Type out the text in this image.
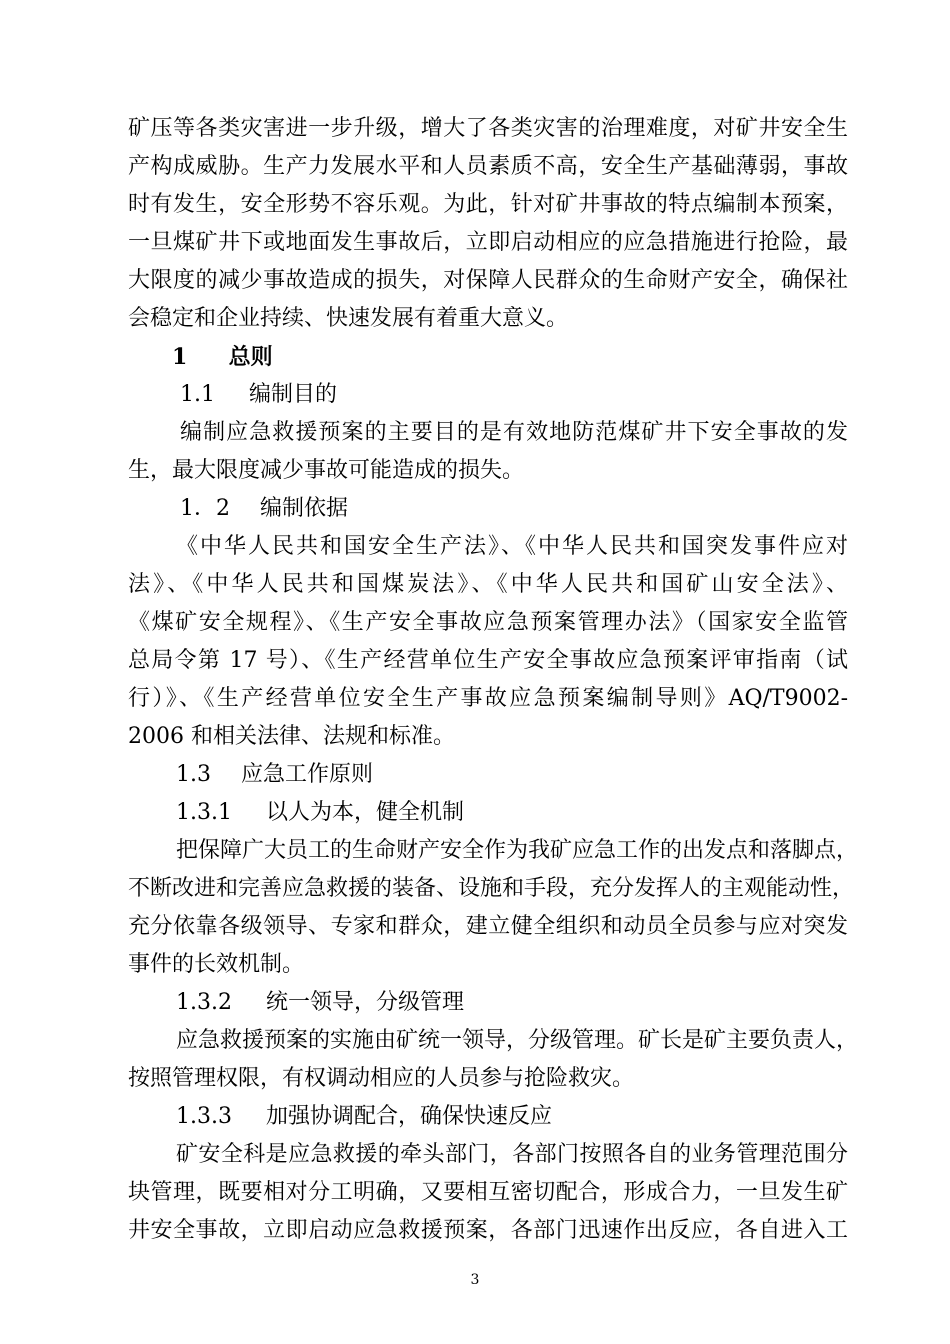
矿压等各类灾害进一步升级，增大了各类灾害的治理难度，对矿井安全生
产构成威胁。生产力发展水平和人员素质不高，安全生产基础薄弱，事故
时有发生，安全形势不容乐观。为此，针对矿井事故的特点编制本预案，
一旦煤矿井下或地面发生事故后，立即启动相应的应急措施进行抢险，最
大限度的减少事故造成的损失，对保障人民群众的生命财产安全，确保社
会稳定和企业持续、快速发展有着重大意义。
1 总则
1.1 编制目的
编制应急救援预案的主要目的是有效地防范煤矿井下安全事故的发
生，最大限度减少事故可能造成的损失。
1．2 编制依据
《中华人民共和国安全生产法》、《中华人民共和国突发事件应对
法》、《中华人民共和国煤炭法》、《中华人民共和国矿山安全法》、
《煤矿安全规程》、《生产安全事故应急预案管理办法》（国家安全监管
总局令第 17 号）、《生产经营单位生产安全事故应急预案评审指南（试
行）》、《生产经营单位安全生产事故应急预案编制导则》AQ/T9002-
2006 和相关法律、法规和标准。
1.3 应急工作原则
1.3.1 以人为本，健全机制
把保障广大员工的生命财产安全作为我矿应急工作的出发点和落脚点，
不断改进和完善应急救援的装备、设施和手段，充分发挥人的主观能动性，
充分依靠各级领导、专家和群众，建立健全组织和动员全员参与应对突发
事件的长效机制。
1.3.2 统一领导，分级管理
应急救援预案的实施由矿统一领导，分级管理。矿长是矿主要负责人，
按照管理权限，有权调动相应的人员参与抢险救灾。
1.3.3 加强协调配合，确保快速反应
矿安全科是应急救援的牵头部门，各部门按照各自的业务管理范围分
块管理，既要相对分工明确，又要相互密切配合，形成合力，一旦发生矿
井安全事故，立即启动应急救援预案，各部门迅速作出反应，各自进入工
3
